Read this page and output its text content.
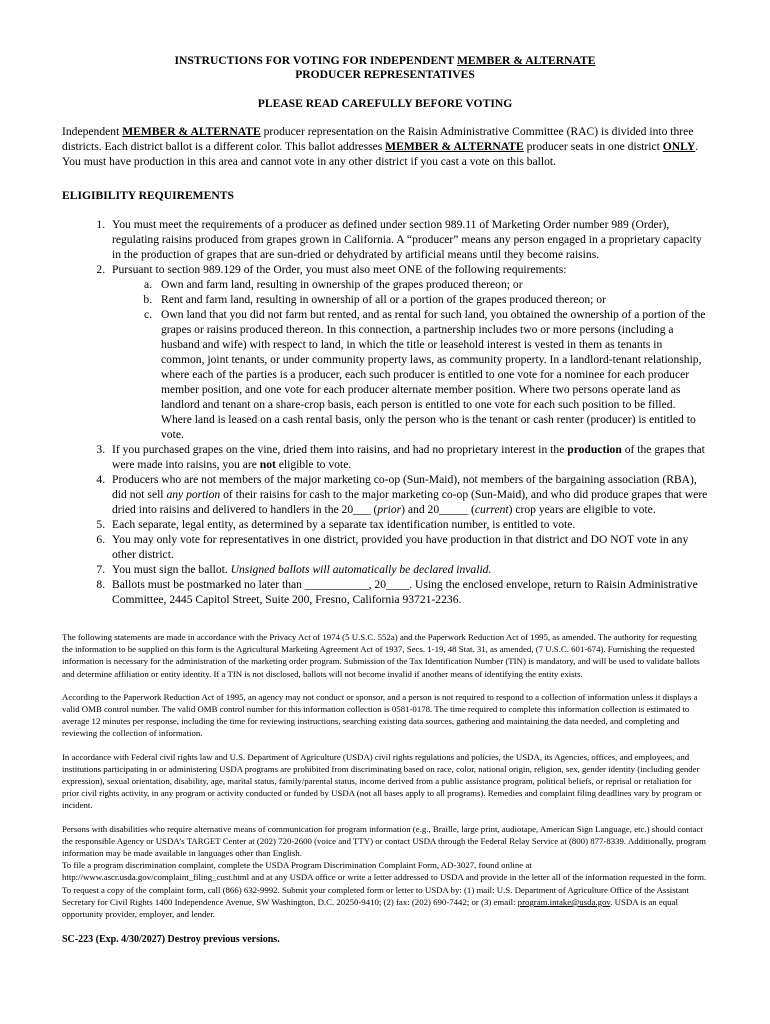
INSTRUCTIONS FOR VOTING FOR INDEPENDENT MEMBER & ALTERNATE
PRODUCER REPRESENTATIVES

PLEASE READ CAREFULLY BEFORE VOTING

Independent MEMBER & ALTERNATE producer representation on the Raisin Administrative Committee (RAC) is divided into three districts. Each district ballot is a different color. This ballot addresses MEMBER & ALTERNATE producer seats in one district ONLY. You must have production in this area and cannot vote in any other district if you cast a vote on this ballot.

ELIGIBILITY REQUIREMENTS

1. You must meet the requirements of a producer as defined under section 989.11 of Marketing Order number 989 (Order), regulating raisins produced from grapes grown in California. A “producer” means any person engaged in a proprietary capacity in the production of grapes that are sun-dried or dehydrated by artificial means until they become raisins.
2. Pursuant to section 989.129 of the Order, you must also meet ONE of the following requirements:
a. Own and farm land, resulting in ownership of the grapes produced thereon; or
b. Rent and farm land, resulting in ownership of all or a portion of the grapes produced thereon; or
c. Own land that you did not farm but rented, and as rental for such land, you obtained the ownership of a portion of the grapes or raisins produced thereon. In this connection, a partnership includes two or more persons (including a husband and wife) with respect to land, in which the title or leasehold interest is vested in them as tenants in common, joint tenants, or under community property laws, as community property. In a landlord-tenant relationship, where each of the parties is a producer, each such producer is entitled to one vote for a nominee for each producer member position, and one vote for each producer alternate member position. Where two persons operate land as landlord and tenant on a share-crop basis, each person is entitled to one vote for each such position to be filled. Where land is leased on a cash rental basis, only the person who is the tenant or cash renter (producer) is entitled to vote.
3. If you purchased grapes on the vine, dried them into raisins, and had no proprietary interest in the production of the grapes that were made into raisins, you are not eligible to vote.
4. Producers who are not members of the major marketing co-op (Sun-Maid), not members of the bargaining association (RBA), did not sell any portion of their raisins for cash to the major marketing co-op (Sun-Maid), and who did produce grapes that were dried into raisins and delivered to handlers in the 20___ (prior) and 20_____ (current) crop years are eligible to vote.
5. Each separate, legal entity, as determined by a separate tax identification number, is entitled to vote.
6. You may only vote for representatives in one district, provided you have production in that district and DO NOT vote in any other district.
7. You must sign the ballot. Unsigned ballots will automatically be declared invalid.
8. Ballots must be postmarked no later than ___________, 20____. Using the enclosed envelope, return to Raisin Administrative Committee, 2445 Capitol Street, Suite 200, Fresno, California 93721-2236.

The following statements are made in accordance with the Privacy Act of 1974 (5 U.S.C. 552a) and the Paperwork Reduction Act of 1995, as amended. The authority for requesting the information to be supplied on this form is the Agricultural Marketing Agreement Act of 1937, Secs. 1-19, 48 Stat. 31, as amended, (7 U.S.C. 601-674). Furnishing the requested information is necessary for the administration of the marketing order program. Submission of the Tax Identification Number (TIN) is mandatory, and will be used to validate ballots and determine affiliation or entity identity. If a TIN is not disclosed, ballots will not become invalid if another means of identifying the entity exists.

According to the Paperwork Reduction Act of 1995, an agency may not conduct or sponsor, and a person is not required to respond to a collection of information unless it displays a valid OMB control number. The valid OMB control number for this information collection is 0581-0178. The time required to complete this information collection is estimated to average 12 minutes per response, including the time for reviewing instructions, searching existing data sources, gathering and maintaining the data needed, and completing and reviewing the collection of information.

In accordance with Federal civil rights law and U.S. Department of Agriculture (USDA) civil rights regulations and policies, the USDA, its Agencies, offices, and employees, and institutions participating in or administering USDA programs are prohibited from discriminating based on race, color, national origin, religion, sex, gender identity (including gender expression), sexual orientation, disability, age, marital status, family/parental status, income derived from a public assistance program, political beliefs, or reprisal or retaliation for prior civil rights activity, in any program or activity conducted or funded by USDA (not all bases apply to all programs). Remedies and complaint filing deadlines vary by program or incident.

Persons with disabilities who require alternative means of communication for program information (e.g., Braille, large print, audiotape, American Sign Language, etc.) should contact the responsible Agency or USDA’s TARGET Center at (202) 720-2600 (voice and TTY) or contact USDA through the Federal Relay Service at (800) 877-8339. Additionally, program information may be made available in languages other than English.

To file a program discrimination complaint, complete the USDA Program Discrimination Complaint Form, AD-3027, found online at http://www.ascr.usda.gov/complaint_filing_cust.html and at any USDA office or write a letter addressed to USDA and provide in the letter all of the information requested in the form. To request a copy of the complaint form, call (866) 632-9992. Submit your completed form or letter to USDA by: (1) mail: U.S. Department of Agriculture Office of the Assistant Secretary for Civil Rights 1400 Independence Avenue, SW Washington, D.C. 20250-9410; (2) fax: (202) 690-7442; or (3) email: program.intake@usda.gov. USDA is an equal opportunity provider, employer, and lender.

SC-223 (Exp. 4/30/2027) Destroy previous versions.
